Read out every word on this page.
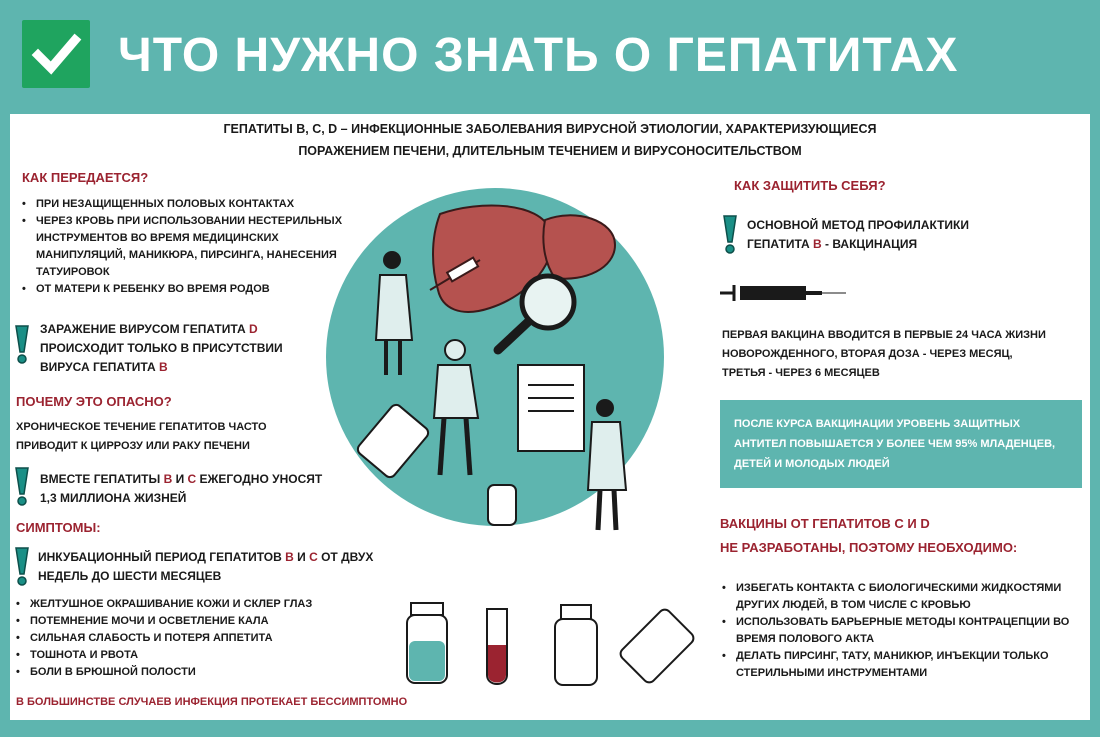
ЧТО НУЖНО ЗНАТЬ О ГЕПАТИТАХ
ГЕПАТИТЫ В, С, D – ИНФЕКЦИОННЫЕ ЗАБОЛЕВАНИЯ ВИРУСНОЙ ЭТИОЛОГИИ, ХАРАКТЕРИЗУЮЩИЕСЯ
ПОРАЖЕНИЕМ ПЕЧЕНИ, ДЛИТЕЛЬНЫМ ТЕЧЕНИЕМ И ВИРУСОНОСИТЕЛЬСТВОМ
КАК ПЕРЕДАЕТСЯ?
• ПРИ НЕЗАЩИЩЕННЫХ ПОЛОВЫХ КОНТАКТАХ
• ЧЕРЕЗ КРОВЬ ПРИ ИСПОЛЬЗОВАНИИ НЕСТЕРИЛЬНЫХ ИНСТРУМЕНТОВ ВО ВРЕМЯ МЕДИЦИНСКИХ МАНИПУЛЯЦИЙ, МАНИКЮРА, ПИРСИНГА, НАНЕСЕНИЯ ТАТУИРОВОК
• ОТ МАТЕРИ К РЕБЕНКУ ВО ВРЕМЯ РОДОВ
ЗАРАЖЕНИЕ ВИРУСОМ ГЕПАТИТА D
ПРОИСХОДИТ ТОЛЬКО В ПРИСУТСТВИИ
ВИРУСА ГЕПАТИТА B
ПОЧЕМУ ЭТО ОПАСНО?
ХРОНИЧЕСКОЕ ТЕЧЕНИЕ ГЕПАТИТОВ ЧАСТО
ПРИВОДИТ К ЦИРРОЗУ ИЛИ РАКУ ПЕЧЕНИ
ВМЕСТЕ ГЕПАТИТЫ В И С ЕЖЕГОДНО УНОСЯТ
1,3 МИЛЛИОНА ЖИЗНЕЙ
СИМПТОМЫ:
ИНКУБАЦИОННЫЙ ПЕРИОД ГЕПАТИТОВ В И С ОТ ДВУХ
НЕДЕЛЬ ДО ШЕСТИ МЕСЯЦЕВ
• ЖЕЛТУШНОЕ ОКРАШИВАНИЕ КОЖИ И СКЛЕР ГЛАЗ
• ПОТЕМНЕНИЕ МОЧИ И ОСВЕТЛЕНИЕ КАЛА
• СИЛЬНАЯ СЛАБОСТЬ И ПОТЕРЯ АППЕТИТА
• ТОШНОТА И РВОТА
• БОЛИ В БРЮШНОЙ ПОЛОСТИ
В БОЛЬШИНСТВЕ СЛУЧАЕВ ИНФЕКЦИЯ ПРОТЕКАЕТ БЕССИМПТОМНО
КАК ЗАЩИТИТЬ СЕБЯ?
ОСНОВНОЙ МЕТОД ПРОФИЛАКТИКИ
ГЕПАТИТА В - ВАКЦИНАЦИЯ
ПЕРВАЯ ВАКЦИНА ВВОДИТСЯ В ПЕРВЫЕ 24 ЧАСА ЖИЗНИ
НОВОРОЖДЕННОГО, ВТОРАЯ ДОЗА - ЧЕРЕЗ МЕСЯЦ,
ТРЕТЬЯ - ЧЕРЕЗ 6 МЕСЯЦЕВ
ПОСЛЕ КУРСА ВАКЦИНАЦИИ УРОВЕНЬ ЗАЩИТНЫХ
АНТИТЕЛ ПОВЫШАЕТСЯ У БОЛЕЕ ЧЕМ 95% МЛАДЕНЦЕВ,
ДЕТЕЙ И МОЛОДЫХ ЛЮДЕЙ
ВАКЦИНЫ ОТ ГЕПАТИТОВ С И D
НЕ РАЗРАБОТАНЫ, ПОЭТОМУ НЕОБХОДИМО:
• ИЗБЕГАТЬ КОНТАКТА С БИОЛОГИЧЕСКИМИ ЖИДКОСТЯМИ ДРУГИХ ЛЮДЕЙ, В ТОМ ЧИСЛЕ С КРОВЬЮ
• ИСПОЛЬЗОВАТЬ БАРЬЕРНЫЕ МЕТОДЫ КОНТРАЦЕПЦИИ ВО ВРЕМЯ ПОЛОВОГО АКТА
• ДЕЛАТЬ ПИРСИНГ, ТАТУ, МАНИКЮР, ИНЪЕКЦИИ ТОЛЬКО СТЕРИЛЬНЫМИ ИНСТРУМЕНТАМИ
